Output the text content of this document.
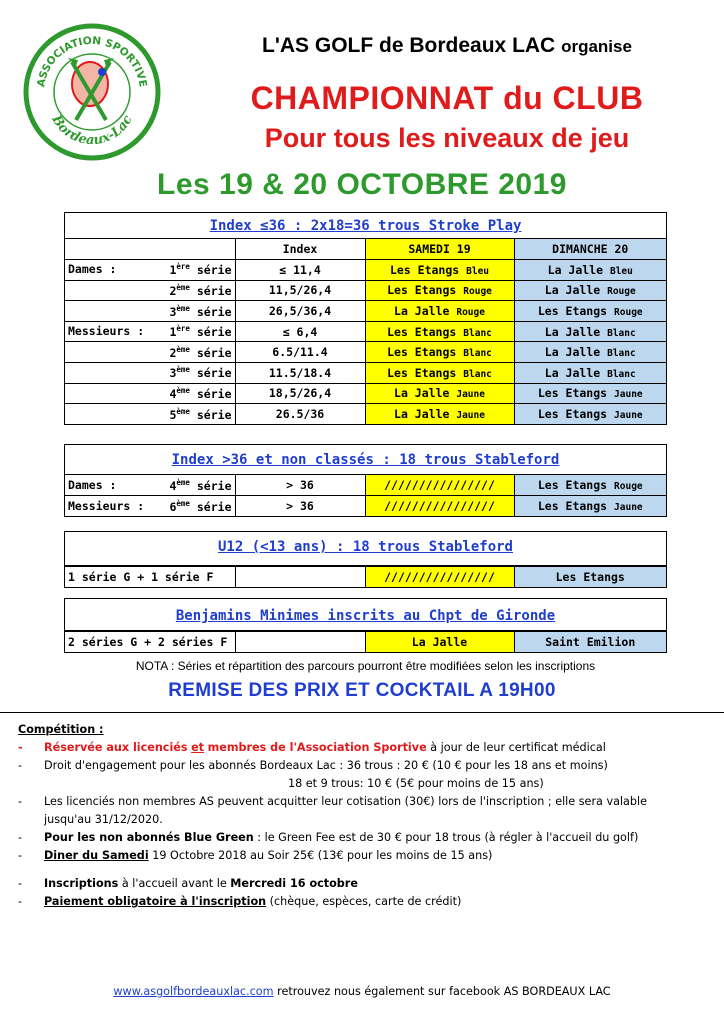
ASSOCIATION SPORTIVE
Bordeaux-Lac
L'AS GOLF de Bordeaux LAC organise
CHAMPIONNAT du CLUB
Pour tous les niveaux de jeu
Les 19 & 20 OCTOBRE 2019
Index ≤36 : 2x18=36 trous Stroke Play
	Index	SAMEDI 19	DIMANCHE 20
Dames : 1ère série	≤ 11,4	Les Etangs Bleu	La Jalle Bleu

2ème série	11,5/26,4	Les Etangs Rouge	La Jalle Rouge

3ème série	26,5/36,4	La Jalle Rouge	Les Etangs Rouge
Messieurs : 1ère série	≤ 6,4	Les Etangs Blanc	La Jalle Blanc

2ème série	6.5/11.4	Les Etangs Blanc	La Jalle Blanc

3ème série	11.5/18.4	Les Etangs Blanc	La Jalle Blanc

4ème série	18,5/26,4	La Jalle Jaune	Les Etangs Jaune

5ème série	26.5/36	La Jalle Jaune	Les Etangs Jaune
Index >36 et non classés : 18 trous Stableford
Dames : 4ème série	> 36	////////////////	Les Etangs Rouge
Messieurs : 6ème série	> 36	////////////////	Les Etangs Jaune
U12 (<13 ans) : 18 trous Stableford
1 série G + 1 série F		////////////////	Les Etangs
Benjamins Minimes inscrits au Chpt de Gironde
2 séries G + 2 séries F		La Jalle	Saint Emilion
NOTA : Séries et répartition des parcours pourront être modifiées selon les inscriptions
REMISE DES PRIX ET COCKTAIL A 19H00
Compétition :
- Réservée aux licenciés et membres de l'Association Sportive à jour de leur certificat médical
- Droit d'engagement pour les abonnés Bordeaux Lac : 36 trous : 20 € (10 € pour les 18 ans et moins)
18 et 9 trous: 10 € (5€ pour moins de 15 ans)
- Les licenciés non membres AS peuvent acquitter leur cotisation (30€) lors de l'inscription ; elle sera valable
jusqu'au 31/12/2020.
- Pour les non abonnés Blue Green : le Green Fee est de 30 € pour 18 trous (à régler à l'accueil du golf)
- Diner du Samedi 19 Octobre 2018 au Soir 25€ (13€ pour les moins de 15 ans)
- Inscriptions à l'accueil avant le Mercredi 16 octobre
- Paiement obligatoire à l'inscription (chèque, espèces, carte de crédit)
www.asgolfbordeauxlac.com retrouvez nous également sur facebook AS BORDEAUX LAC
